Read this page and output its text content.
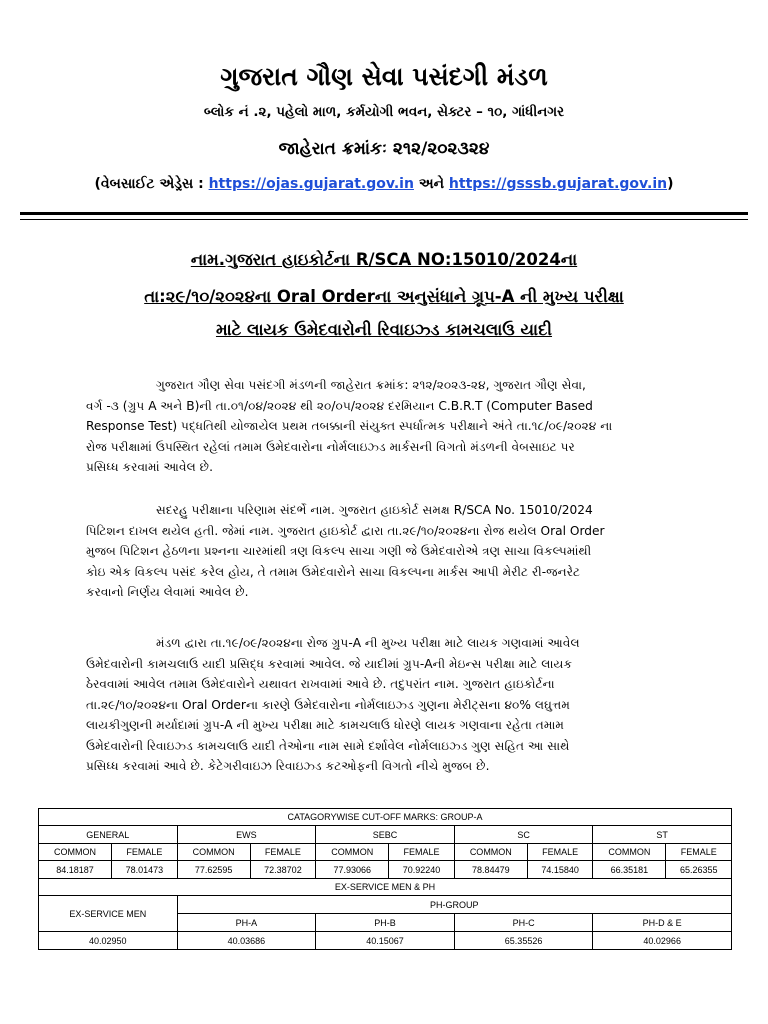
ગુજરાત ગૌણ સેવા પસંદગી મંડળ
બ્લોક નં .૨, પહેલો માળ, કર્મયોગી ભવન, સેક્ટર – ૧૦, ગાંધીનગર
જાહેરાત ક્રમાંકઃ ૨૧૨/૨૦૨૩૨૪
(વેબસાઈટ એડ્રેસ : https://ojas.gujarat.gov.in અને https://gsssb.gujarat.gov.in)
નામ.ગુજરાત હાઇકોર્ટના R/SCA NO:15010/2024ના
તા:૨૯/૧૦/૨૦૨૪ના Oral Orderના અનુસંધાને ગ્રૂપ-A ની મુખ્ય પરીક્ષા
માટે લાયક ઉમેદવારોની રિવાઇઝ્ડ કામચલાઉ યાદી
ગુજરાત ગૌણ સેવા પસંદગી મંડળની જાહેરાત ક્રમાંક: ૨૧૨/૨૦૨૩-૨૪, ગુજરાત ગૌણ સેવા,
વર્ગ -૩ (ગ્રુપ A અને B)ની તા.૦૧/૦૪/૨૦૨૪ થી ૨૦/૦૫/૨૦૨૪ દરમિયાન C.B.R.T (Computer Based
Response Test) પદ્ધતિથી યોજાયેલ પ્રથમ તબક્કાની સંયુક્ત સ્પર્ધાત્મક પરીક્ષાને અંતે તા.૧૮/૦૯/૨૦૨૪ ના
રોજ પરીક્ષામાં ઉપસ્થિત રહેલાં તમામ ઉમેદવારોના નોર્મલાઇઝ્ડ માર્કસની વિગતો મંડળની વેબસાઇટ પર
પ્રસિધ્ધ કરવામાં આવેલ છે.
સદરહુ પરીક્ષાના પરિણામ સંદર્ભે નામ. ગુજરાત હાઇકોર્ટ સમક્ષ R/SCA No. 15010/2024
પિટિશન દાખલ થયેલ હતી. જેમાં નામ. ગુજરાત હાઇકોર્ટ દ્વારા તા.૨૯/૧૦/૨૦૨૪ના રોજ થયેલ Oral Order
મુજબ પિટિશન હેઠળના પ્રશ્નના ચારમાંથી ત્રણ વિકલ્પ સાચા ગણી જે ઉમેદવારોએ ત્રણ સાચા વિકલ્પમાંથી
કોઇ એક વિકલ્પ પસંદ કરેલ હોય, તે તમામ ઉમેદવારોને સાચા વિકલ્પના માર્કસ આપી મેરીટ રી-જનરેટ
કરવાનો નિર્ણય લેવામાં આવેલ છે.
મંડળ દ્વારા તા.૧૯/૦૯/૨૦૨૪ના રોજ ગ્રુપ-A ની મુખ્ય પરીક્ષા માટે લાયક ગણવામાં આવેલ
ઉમેદવારોની કામચલાઉ યાદી પ્રસિદ્ધ કરવામાં આવેલ. જે યાદીમાં ગ્રુપ-Aની મેઇન્સ પરીક્ષા માટે લાયક
ઠેરવવામાં આવેલ તમામ ઉમેદવારોને યથાવત રાખવામાં આવે છે. તદુપરાંત નામ. ગુજરાત હાઇકોર્ટના
તા.૨૯/૧૦/૨૦૨૪ના Oral Orderના કારણે ઉમેદવારોના નોર્મલાઇઝ્ડ ગુણના મેરીટ્સના ૪૦% લઘુત્તમ
લાયકીગુણની મર્યાદામાં ગ્રુપ-A ની મુખ્ય પરીક્ષા માટે કામચલાઉ ધોરણે લાયક ગણવાના રહેતા તમામ
ઉમેદવારોની રિવાઇઝ્ડ કામચલાઉ યાદી તેઓના નામ સામે દર્શાવેલ નોર્મલાઇઝ્ડ ગુણ સહિત આ સાથે
પ્રસિધ્ધ કરવામાં આવે છે. કેટેગરીવાઇઝ રિવાઇઝ્ડ કટઓફની વિગતો નીચે મુજબ છે.
CATAGORYWISE CUT-OFF MARKS: GROUP-A									
GENERAL		EWS		SEBC		SC		ST	
COMMON	FEMALE	COMMON	FEMALE	COMMON	FEMALE	COMMON	FEMALE	COMMON	FEMALE
84.18187	78.01473	77.62595	72.38702	77.93066	70.92240	78.84479	74.15840	66.35181	65.26355
EX-SERVICE MEN & PH									
EX-SERVICE MEN		PH-GROUP							
		PH-A		PH-B		PH-C		PH-D & E	
40.02950		40.03686		40.15067		65.35526		40.02966	
